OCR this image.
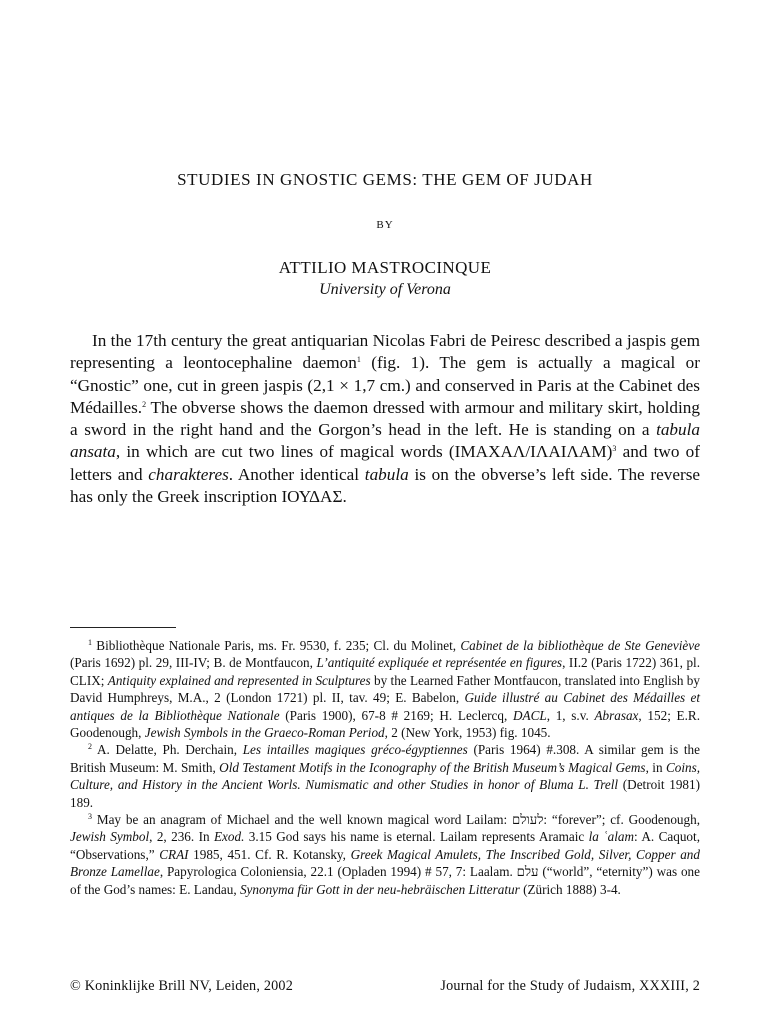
STUDIES IN GNOSTIC GEMS: THE GEM OF JUDAH
BY
ATTILIO MASTROCINQUE
University of Verona

In the 17th century the great antiquarian Nicolas Fabri de Peiresc described a jaspis gem representing a leontocephaline daemon$^1$ (fig. 1). The gem is actually a magical or “Gnostic” one, cut in green jaspis (2,1 × 1,7 cm.) and conserved in Paris at the Cabinet des Médailles.$^2$ The obverse shows the daemon dressed with armour and military skirt, holding a sword in the right hand and the Gorgon’s head in the left. He is standing on a tabula ansata, in which are cut two lines of magical words $(IMAXA\Lambda/I\Lambda AI\Lambda AM)^3$ and two of letters and charakteres. Another identical tabula is on the obverse’s left side. The reverse has only the Greek inscription ΙΟΥΔΑΣ.

$^1$ Bibliothèque Nationale Paris, ms. Fr. 9530, f. 235; Cl. du Molinet, Cabinet de la bibliothèque de Ste Geneviève (Paris 1692) pl. 29, III-IV; B. de Montfaucon, L’antiquité expliquée et représentée en figures, II.2 (Paris 1722) 361, pl. CLIX; Antiquity explained and represented in Sculptures by the Learned Father Montfaucon, translated into English by David Humphreys, M.A., 2 (London 1721) pl. II, tav. 49; E. Babelon, Guide illustré au Cabinet des Médailles et antiques de la Bibliothèque Nationale (Paris 1900), 67-8 # 2169; H. Leclercq, DACL, 1, s.v. Abrasax, 152; E.R. Goodenough, Jewish Symbols in the Graeco-Roman Period, 2 (New York, 1953) fig. 1045.

$^2$ A. Delatte, Ph. Derchain, Les intailles magiques gréco-égyptiennes (Paris 1964) #.308. A similar gem is the British Museum: M. Smith, Old Testament Motifs in the Iconography of the British Museum’s Magical Gems, in Coins, Culture, and History in the Ancient Worls. Numismatic and other Studies in honor of Bluma L. Trell (Detroit 1981) 189.

$^3$ May be an anagram of Michael and the well known magical word Lailam: לעולם: “forever”; cf. Goodenough, Jewish Symbol, 2, 236. In Exod. 3.15 God says his name is eternal. Lailam represents Aramaic la ʿalam: A. Caquot, “Observations,” CRAI 1985, 451. Cf. R. Kotansky, Greek Magical Amulets, The Inscribed Gold, Silver, Copper and Bronze Lamellae, Papyrologica Coloniensia, 22.1 (Opladen 1994) # 57, 7: Laalam. עלם (“world”, “eternity”) was one of the God’s names: E. Landau, Synonyma für Gott in der neu-hebräischen Litteratur (Zürich 1888) 3-4.

© Koninklijke Brill NV, Leiden, 2002	Journal for the Study of Judaism, XXXIII, 2
